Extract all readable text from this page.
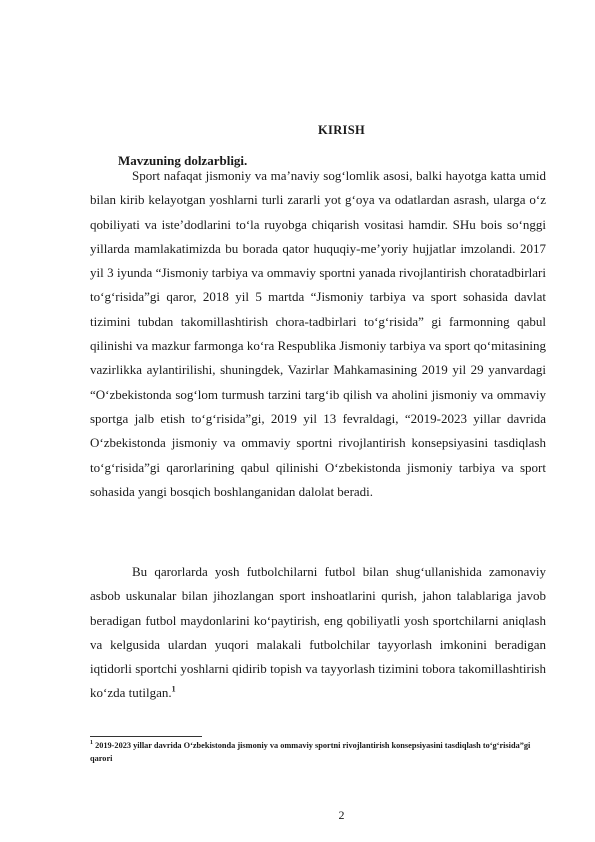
KIRISH
Mavzuning dolzarbligi.

Sport nafaqat jismoniy va ma’naviy sog‘lomlik asosi, balki hayotga katta umid bilan kirib kelayotgan yoshlarni turli zararli yot g‘oya va odatlardan asrash, ularga o‘z qobiliyati va iste’dodlarini to‘la ruyobga chiqarish vositasi hamdir. SHu bois so‘nggi yillarda mamlakatimizda bu borada qator huquqiy-me’yoriy hujjatlar imzolandi. 2017 yil 3 iyunda “Jismoniy tarbiya va ommaviy sportni yanada rivojlantirish choratadbirlari to‘g‘risida”gi qaror, 2018 yil 5 martda “Jismoniy tarbiya va sport sohasida davlat tizimini tubdan takomillashtirish chora-tadbirlari to‘g‘risida” gi farmonning qabul qilinishi va mazkur farmonga ko‘ra Respublika Jismoniy tarbiya va sport qo‘mitasining vazirlikka aylantirilishi, shuningdek, Vazirlar Mahkamasining 2019 yil 29 yanvardagi “O‘zbekistonda sog‘lom turmush tarzini targ‘ib qilish va aholini jismoniy va ommaviy sportga jalb etish to‘g‘risida”gi, 2019 yil 13 fevraldagi, “2019-2023 yillar davrida O‘zbekistonda jismoniy va ommaviy sportni rivojlantirish konsepsiyasini tasdiqlash to‘g‘risida”gi qarorlarining qabul qilinishi O‘zbekistonda jismoniy tarbiya va sport sohasida yangi bosqich boshlanganidan dalolat beradi.

Bu qarorlarda yosh futbolchilarni futbol bilan shug‘ullanishida zamonaviy asbob uskunalar bilan jihozlangan sport inshoatlarini qurish, jahon talablariga javob beradigan futbol maydonlarini ko‘paytirish, eng qobiliyatli yosh sportchilarni aniqlash va kelgusida ulardan yuqori malakali futbolchilar tayyorlash imkonini beradigan iqtidorli sportchi yoshlarni qidirib topish va tayyorlash tizimini tobora takomillashtirish ko‘zda tutilgan.$^1$

$^1$ 2019-2023 yillar davrida O‘zbekistonda jismoniy va ommaviy sportni rivojlantirish konsepsiyasini tasdiqlash to‘g‘risida”gi qarori
2
